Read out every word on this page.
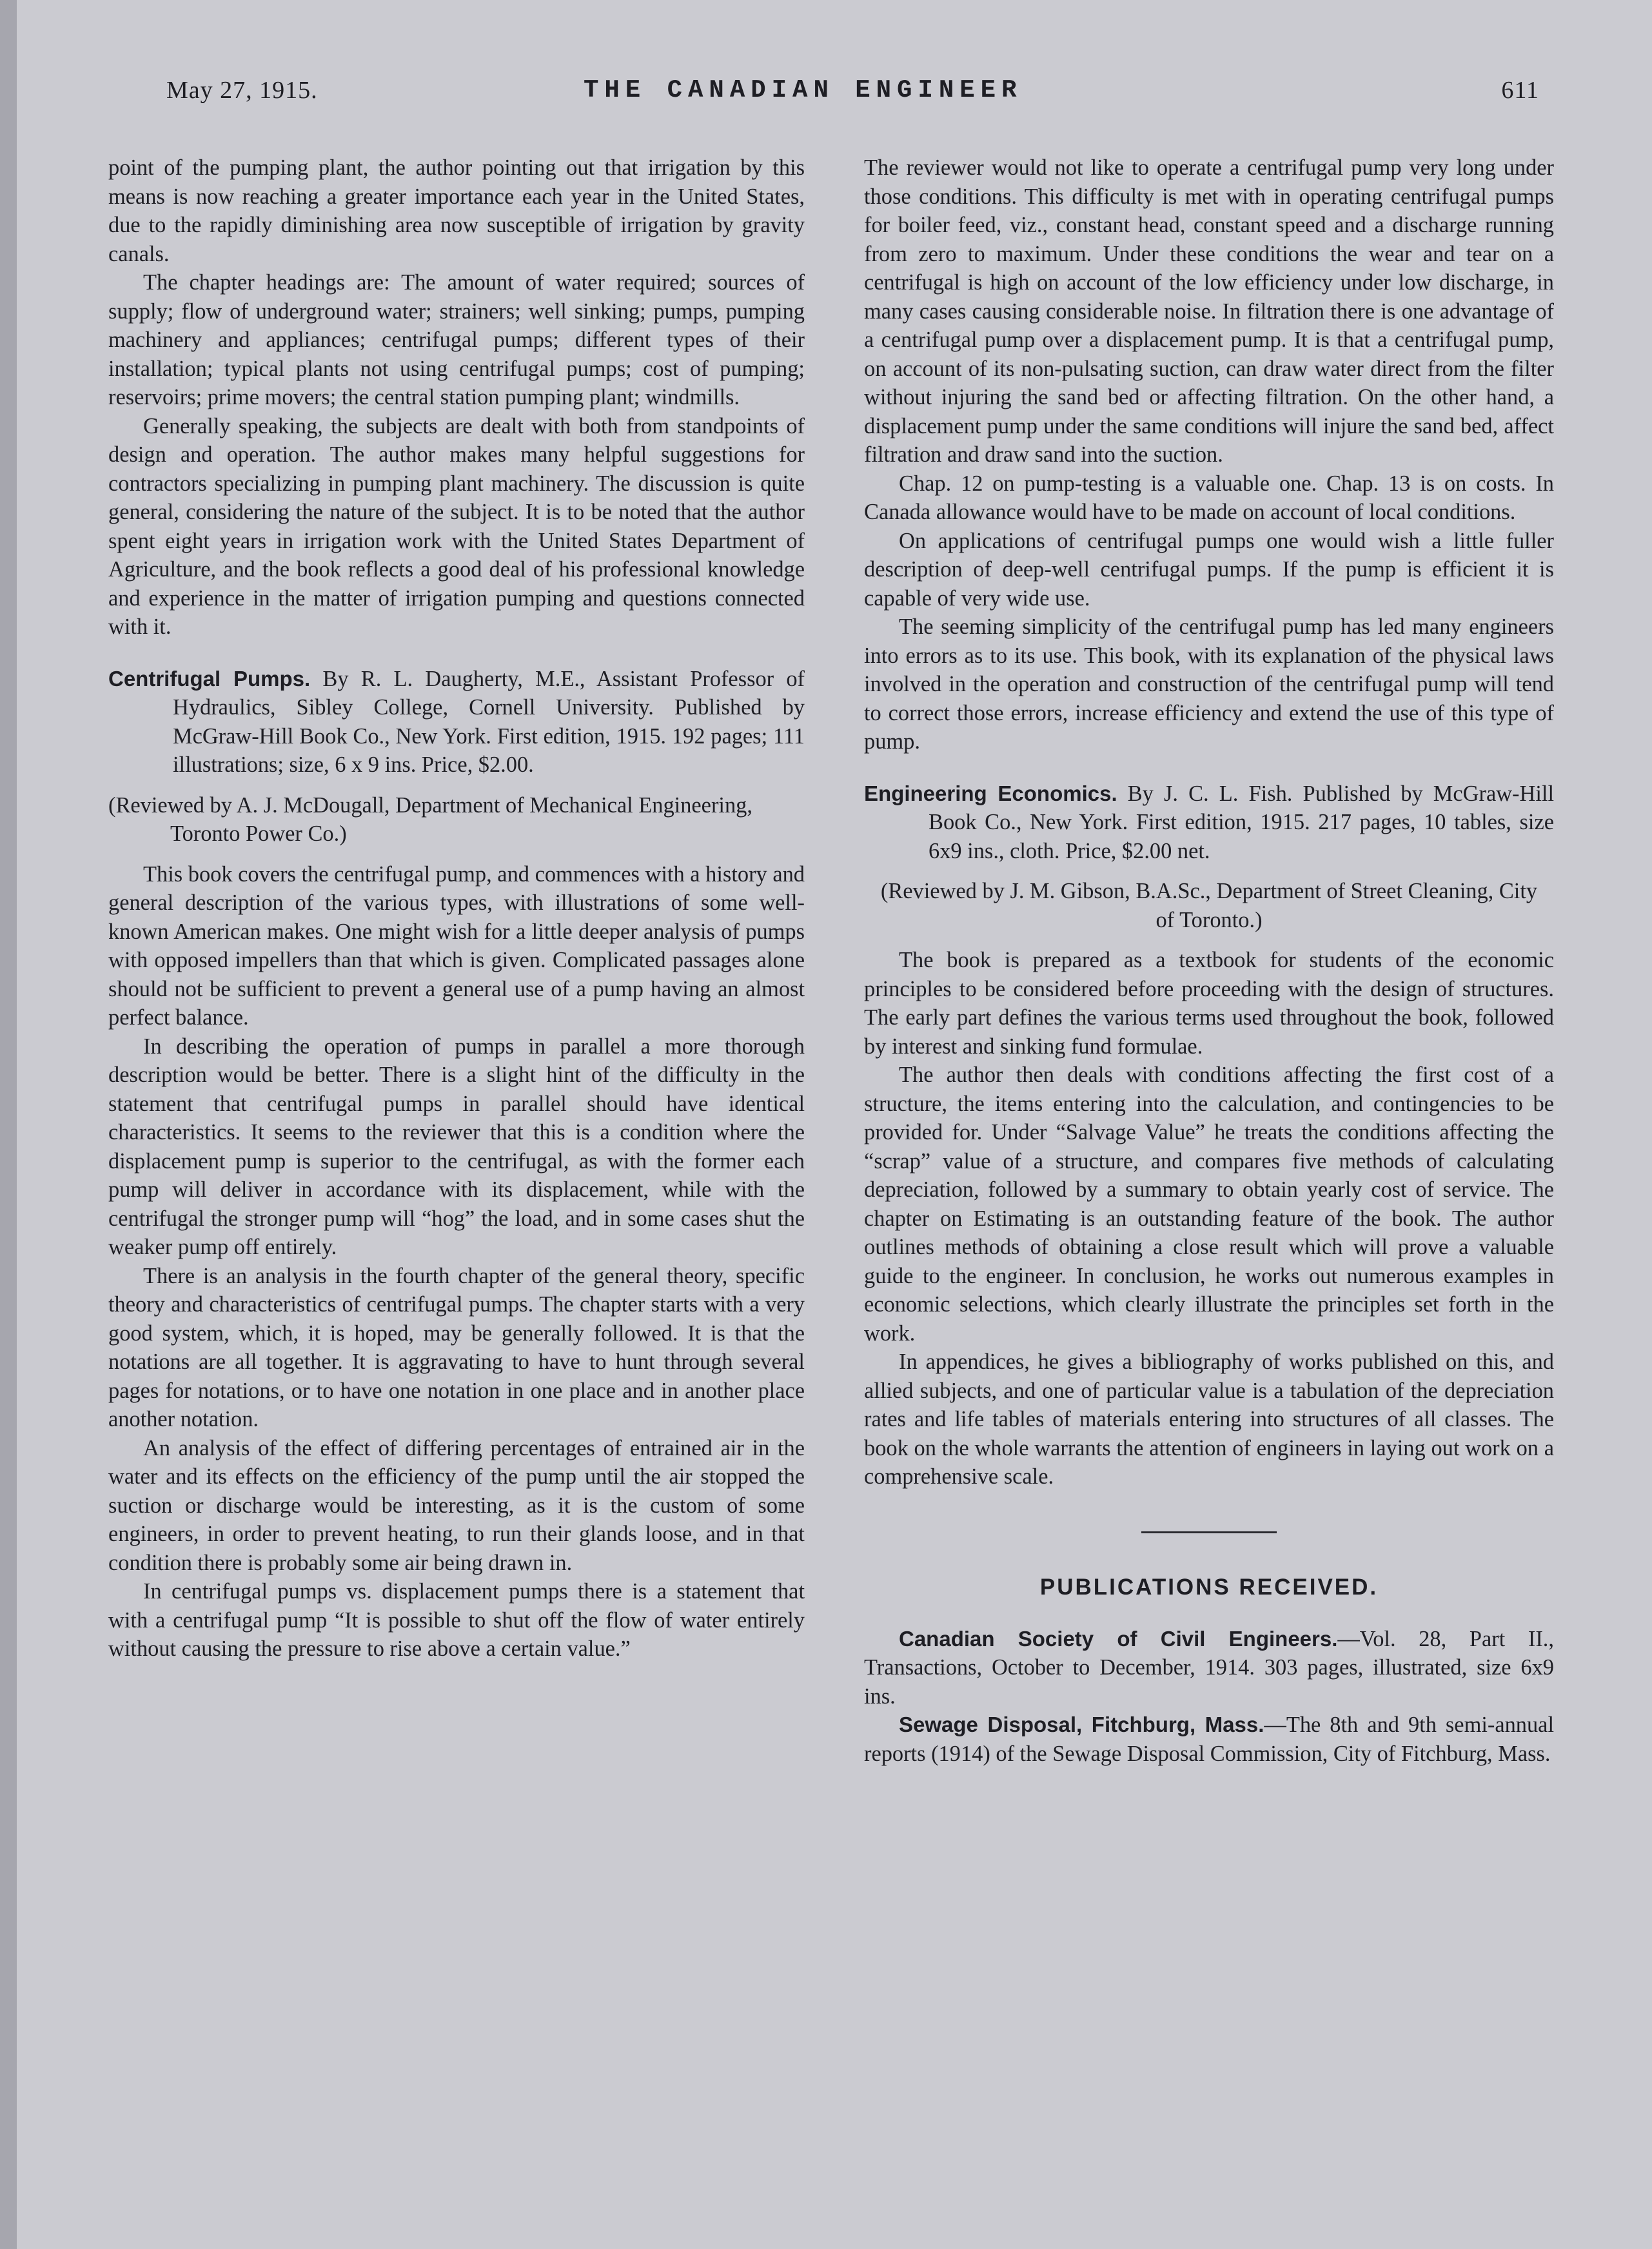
May 27, 1915.	THE CANADIAN ENGINEER	611

point of the pumping plant, the author pointing out that irrigation by this means is now reaching a greater importance each year in the United States, due to the rapidly diminishing area now susceptible of irrigation by gravity canals.

The chapter headings are: The amount of water required; sources of supply; flow of underground water; strainers; well sinking; pumps, pumping machinery and appliances; centrifugal pumps; different types of their installation; typical plants not using centrifugal pumps; cost of pumping; reservoirs; prime movers; the central station pumping plant; windmills.

Generally speaking, the subjects are dealt with both from standpoints of design and operation. The author makes many helpful suggestions for contractors specializing in pumping plant machinery. The discussion is quite general, considering the nature of the subject. It is to be noted that the author spent eight years in irrigation work with the United States Department of Agriculture, and the book reflects a good deal of his professional knowledge and experience in the matter of irrigation pumping and questions connected with it.

Centrifugal Pumps. By R. L. Daugherty, M.E., Assistant Professor of Hydraulics, Sibley College, Cornell University. Published by McGraw-Hill Book Co., New York. First edition, 1915. 192 pages; 111 illustrations; size, 6 x 9 ins. Price, $2.00.

(Reviewed by A. J. McDougall, Department of Mechanical Engineering, Toronto Power Co.)

This book covers the centrifugal pump, and commences with a history and general description of the various types, with illustrations of some well-known American makes. One might wish for a little deeper analysis of pumps with opposed impellers than that which is given. Complicated passages alone should not be sufficient to prevent a general use of a pump having an almost perfect balance.

In describing the operation of pumps in parallel a more thorough description would be better. There is a slight hint of the difficulty in the statement that centrifugal pumps in parallel should have identical characteristics. It seems to the reviewer that this is a condition where the displacement pump is superior to the centrifugal, as with the former each pump will deliver in accordance with its displacement, while with the centrifugal the stronger pump will “hog” the load, and in some cases shut the weaker pump off entirely.

There is an analysis in the fourth chapter of the general theory, specific theory and characteristics of centrifugal pumps. The chapter starts with a very good system, which, it is hoped, may be generally followed. It is that the notations are all together. It is aggravating to have to hunt through several pages for notations, or to have one notation in one place and in another place another notation.

An analysis of the effect of differing percentages of entrained air in the water and its effects on the efficiency of the pump until the air stopped the suction or discharge would be interesting, as it is the custom of some engineers, in order to prevent heating, to run their glands loose, and in that condition there is probably some air being drawn in.

In centrifugal pumps vs. displacement pumps there is a statement that with a centrifugal pump “It is possible to shut off the flow of water entirely without causing the pressure to rise above a certain value.”

The reviewer would not like to operate a centrifugal pump very long under those conditions. This difficulty is met with in operating centrifugal pumps for boiler feed, viz., constant head, constant speed and a discharge running from zero to maximum. Under these conditions the wear and tear on a centrifugal is high on account of the low efficiency under low discharge, in many cases causing considerable noise. In filtration there is one advantage of a centrifugal pump over a displacement pump. It is that a centrifugal pump, on account of its non-pulsating suction, can draw water direct from the filter without injuring the sand bed or affecting filtration. On the other hand, a displacement pump under the same conditions will injure the sand bed, affect filtration and draw sand into the suction.

Chap. 12 on pump-testing is a valuable one. Chap. 13 is on costs. In Canada allowance would have to be made on account of local conditions.

On applications of centrifugal pumps one would wish a little fuller description of deep-well centrifugal pumps. If the pump is efficient it is capable of very wide use.

The seeming simplicity of the centrifugal pump has led many engineers into errors as to its use. This book, with its explanation of the physical laws involved in the operation and construction of the centrifugal pump will tend to correct those errors, increase efficiency and extend the use of this type of pump.

Engineering Economics. By J. C. L. Fish. Published by McGraw-Hill Book Co., New York. First edition, 1915. 217 pages, 10 tables, size 6x9 ins., cloth. Price, $2.00 net.

(Reviewed by J. M. Gibson, B.A.Sc., Department of Street Cleaning, City of Toronto.)

The book is prepared as a textbook for students of the economic principles to be considered before proceeding with the design of structures. The early part defines the various terms used throughout the book, followed by interest and sinking fund formulae.

The author then deals with conditions affecting the first cost of a structure, the items entering into the calculation, and contingencies to be provided for. Under “Salvage Value” he treats the conditions affecting the “scrap” value of a structure, and compares five methods of calculating depreciation, followed by a summary to obtain yearly cost of service. The chapter on Estimating is an outstanding feature of the book. The author outlines methods of obtaining a close result which will prove a valuable guide to the engineer. In conclusion, he works out numerous examples in economic selections, which clearly illustrate the principles set forth in the work.

In appendices, he gives a bibliography of works published on this, and allied subjects, and one of particular value is a tabulation of the depreciation rates and life tables of materials entering into structures of all classes. The book on the whole warrants the attention of engineers in laying out work on a comprehensive scale.

PUBLICATIONS RECEIVED.

Canadian Society of Civil Engineers.—Vol. 28, Part II., Transactions, October to December, 1914. 303 pages, illustrated, size 6x9 ins.

Sewage Disposal, Fitchburg, Mass.—The 8th and 9th semi-annual reports (1914) of the Sewage Disposal Commission, City of Fitchburg, Mass.
